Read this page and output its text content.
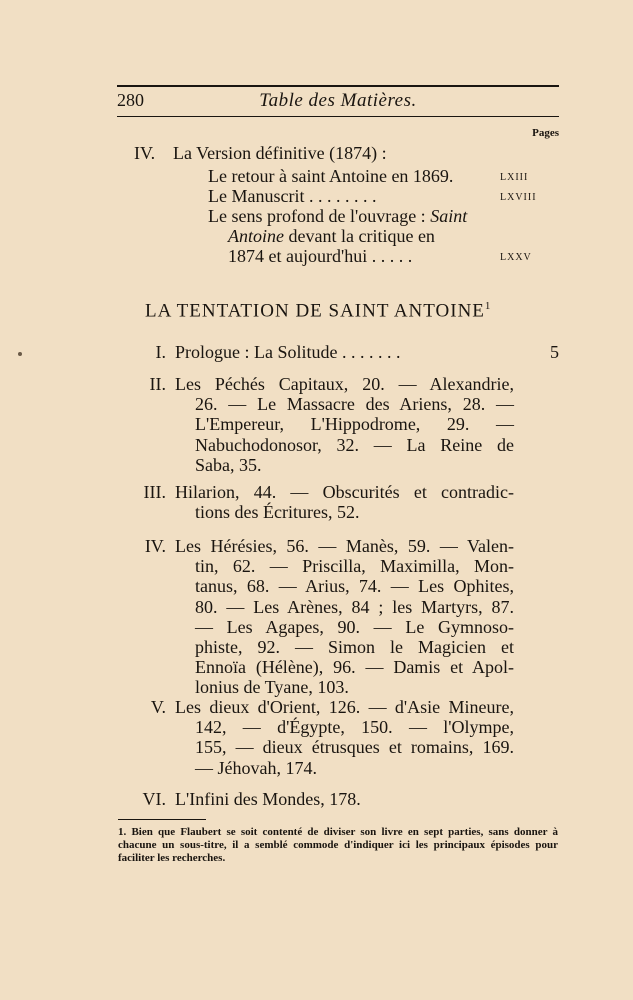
280	Table des Matières.
Pages
IV. La Version définitive (1874) :
Le retour à saint Antoine en 1869.	lxiii
Le Manuscrit . . . . . . . .	lxviii
Le sens profond de l'ouvrage : Saint
Antoine devant la critique en
1874 et aujourd'hui . . . . .	lxxv
LA TENTATION DE SAINT ANTOINE$^1$
I. Prologue : La Solitude . . . . . . .	5
II. Les Péchés Capitaux, 20. — Alexandrie,
26. — Le Massacre des Ariens, 28. —
L'Empereur, L'Hippodrome, 29. —
Nabuchodonosor, 32. — La Reine de
Saba, 35.
III. Hilarion, 44. — Obscurités et contradic-
tions des Écritures, 52.
IV. Les Hérésies, 56. — Manès, 59. — Valen-
tin, 62. — Priscilla, Maximilla, Mon-
tanus, 68. — Arius, 74. — Les Ophites,
80. — Les Arènes, 84 ; les Martyrs, 87.
— Les Agapes, 90. — Le Gymnoso-
phiste, 92. — Simon le Magicien et
Ennoïa (Hélène), 96. — Damis et Apol-
lonius de Tyane, 103.
V. Les dieux d'Orient, 126. — d'Asie Mineure,
142, — d'Égypte, 150. — l'Olympe,
155, — dieux étrusques et romains, 169.
— Jéhovah, 174.
VI. L'Infini des Mondes, 178.
1. Bien que Flaubert se soit contenté de diviser son livre en sept parties, sans donner à chacune un sous-titre, il a semblé commode d'indiquer ici les principaux épisodes pour faciliter les recherches.
